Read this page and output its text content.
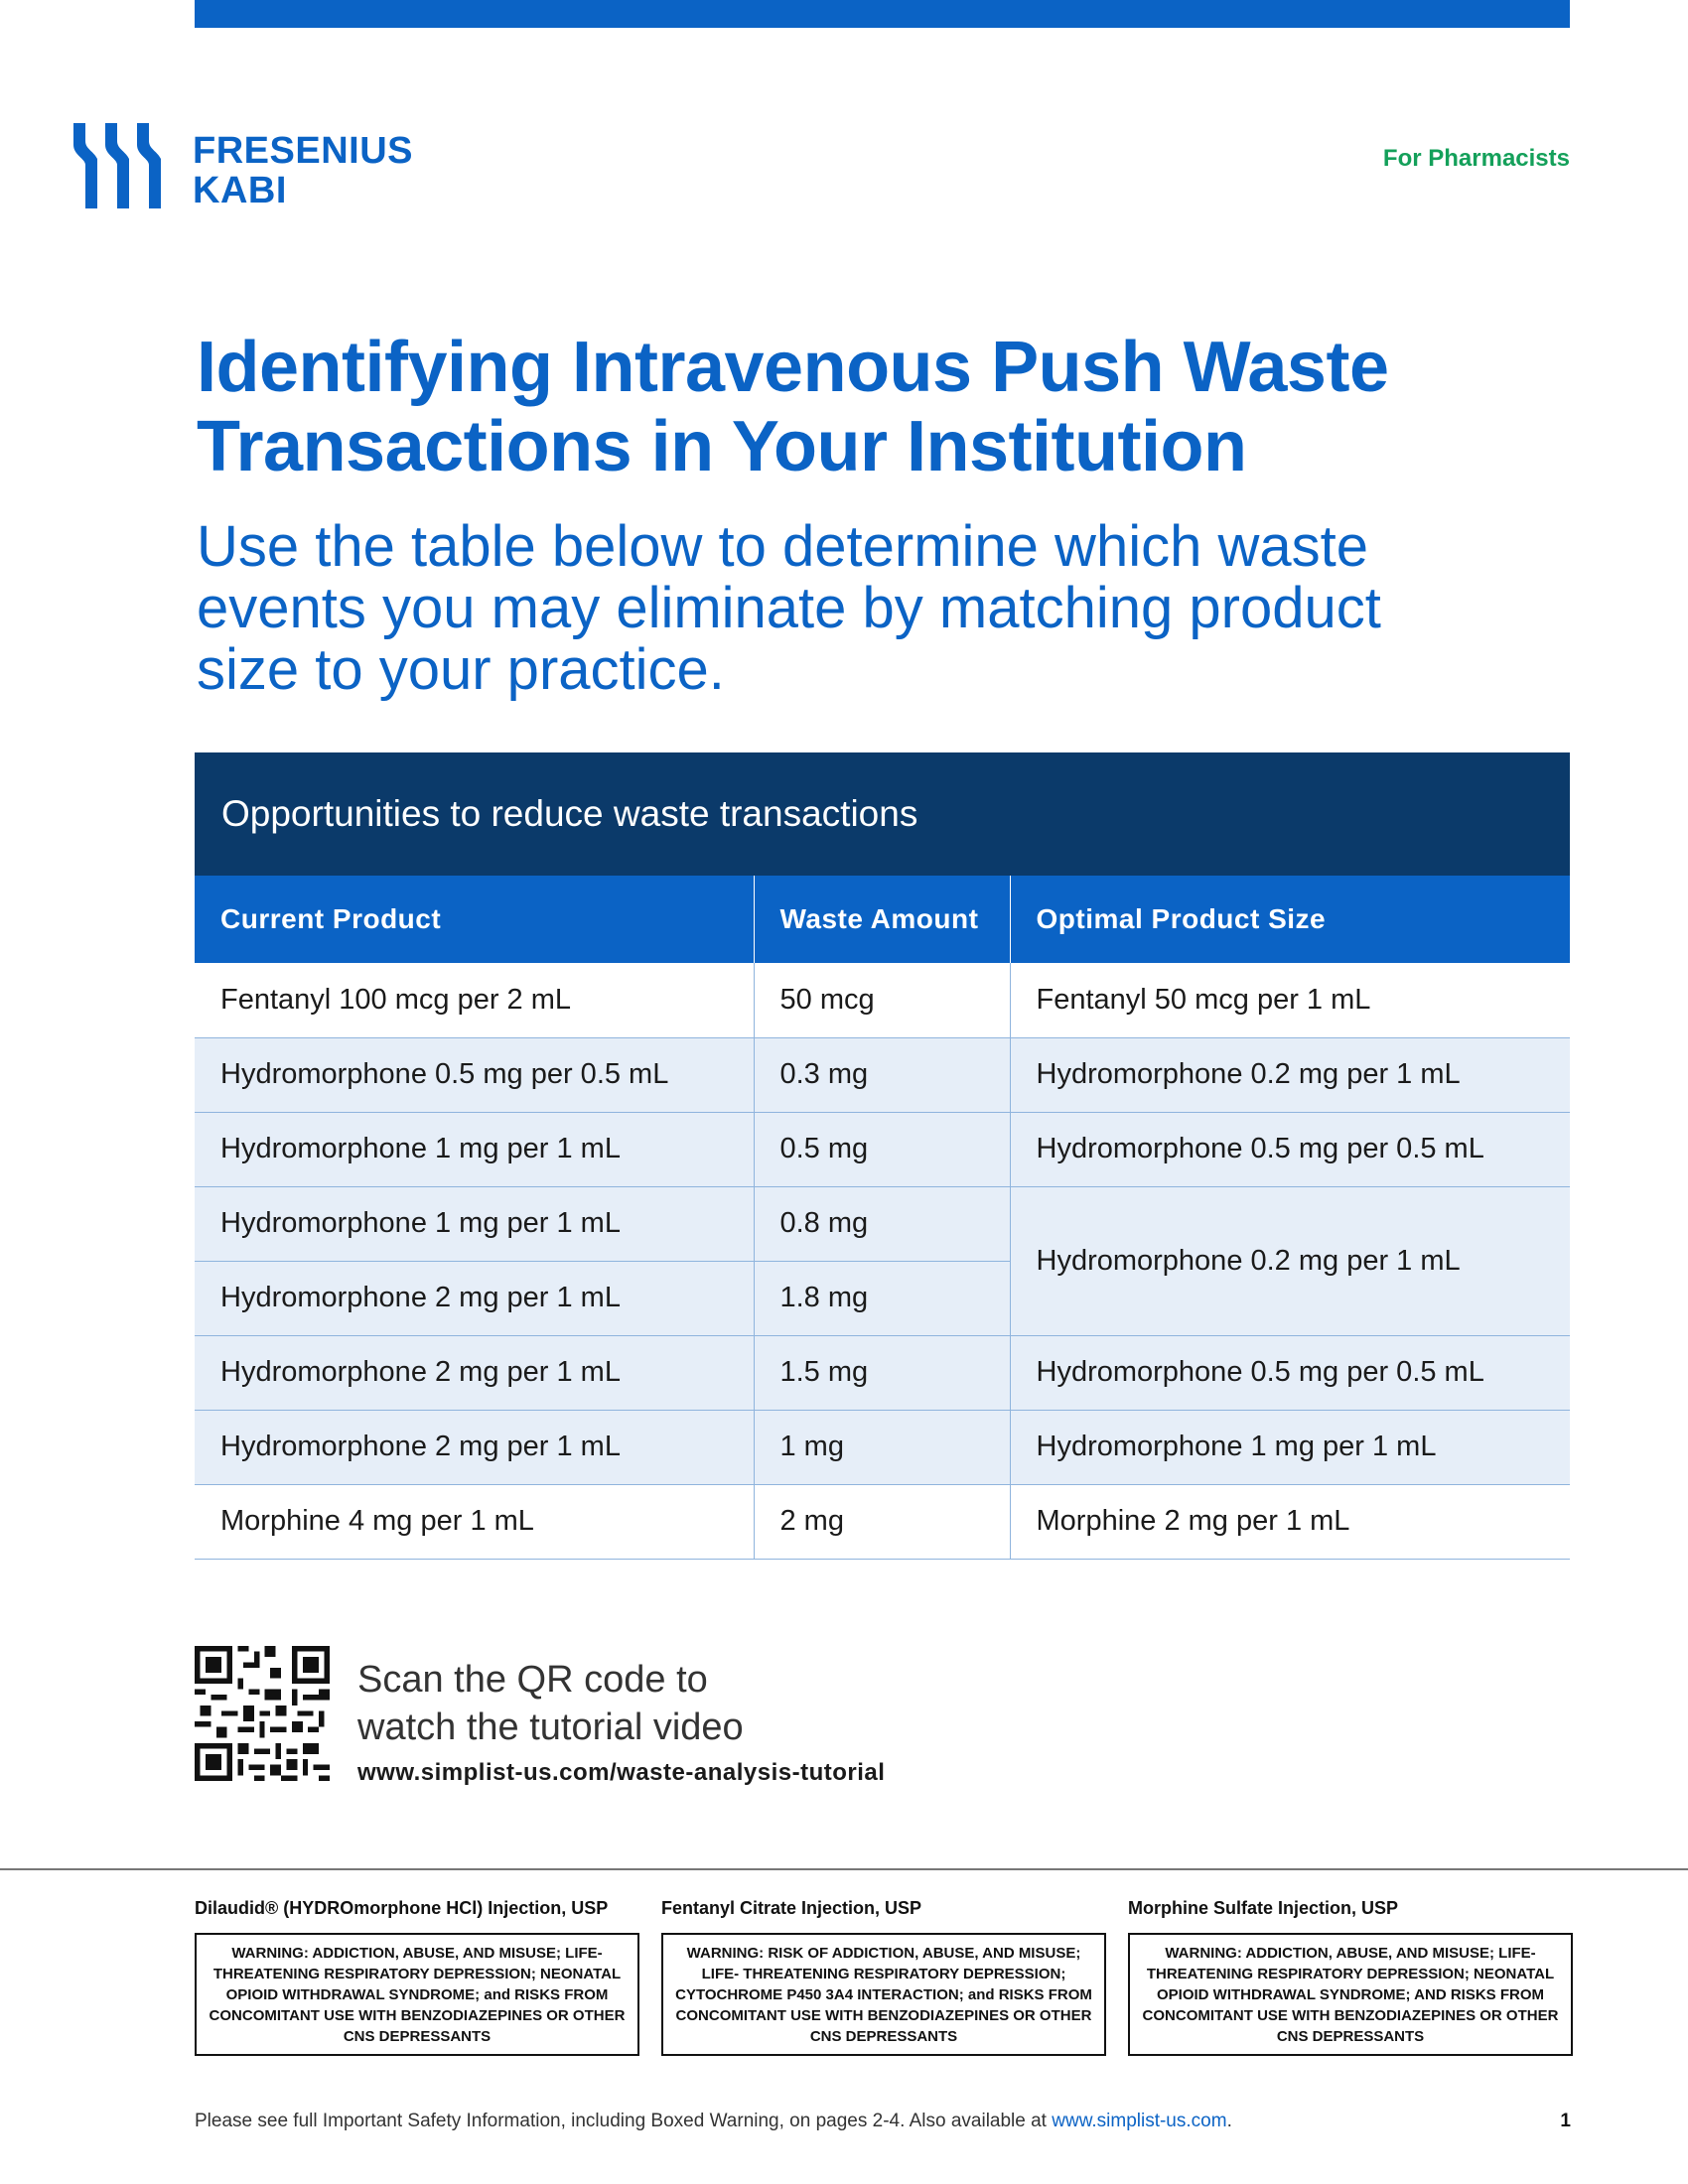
FRESENIUS
KABI
For Pharmacists
Identifying Intravenous Push Waste Transactions in Your Institution

Use the table below to determine which waste events you may eliminate by matching product size to your practice.

Opportunities to reduce waste transactions
Current Product	Waste Amount	Optimal Product Size
Fentanyl 100 mcg per 2 mL	50 mcg	Fentanyl 50 mcg per 1 mL
Hydromorphone 0.5 mg per 0.5 mL	0.3 mg	Hydromorphone 0.2 mg per 1 mL
Hydromorphone 1 mg per 1 mL	0.5 mg	Hydromorphone 0.5 mg per 0.5 mL
Hydromorphone 1 mg per 1 mL	0.8 mg	Hydromorphone 0.2 mg per 1 mL
Hydromorphone 2 mg per 1 mL	1.8 mg	
Hydromorphone 2 mg per 1 mL	1.5 mg	Hydromorphone 0.5 mg per 0.5 mL
Hydromorphone 2 mg per 1 mL	1 mg	Hydromorphone 1 mg per 1 mL
Morphine 4 mg per 1 mL	2 mg	Morphine 2 mg per 1 mL
Scan the QR code to
watch the tutorial video
www.simplist-us.com/waste-analysis-tutorial
Dilaudid® (HYDROmorphone HCl) Injection, USP
WARNING: ADDICTION, ABUSE, AND MISUSE; LIFE-THREATENING RESPIRATORY DEPRESSION; NEONATAL OPIOID WITHDRAWAL SYNDROME; and RISKS FROM CONCOMITANT USE WITH BENZODIAZEPINES OR OTHER CNS DEPRESSANTS
Fentanyl Citrate Injection, USP
WARNING: RISK OF ADDICTION, ABUSE, AND MISUSE; LIFE- THREATENING RESPIRATORY DEPRESSION; CYTOCHROME P450 3A4 INTERACTION; and RISKS FROM CONCOMITANT USE WITH BENZODIAZEPINES OR OTHER CNS DEPRESSANTS
Morphine Sulfate Injection, USP
WARNING: ADDICTION, ABUSE, AND MISUSE; LIFE-THREATENING RESPIRATORY DEPRESSION; NEONATAL OPIOID WITHDRAWAL SYNDROME; AND RISKS FROM CONCOMITANT USE WITH BENZODIAZEPINES OR OTHER CNS DEPRESSANTS
Please see full Important Safety Information, including Boxed Warning, on pages 2-4. Also available at www.simplist-us.com.	1
